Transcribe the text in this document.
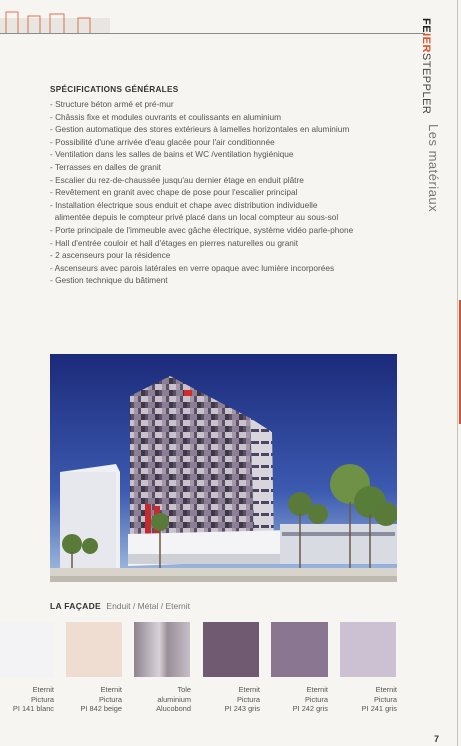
FEIERSTEPPLER
Les matériaux
SPÉCIFICATIONS GÉNÉRALES
- Structure béton armé et pré-mur
- Châssis fixe et modules ouvrants et coulissants en aluminium
- Gestion automatique des stores extérieurs à lamelles horizontales en aluminium
- Possibilité d'une arrivée d'eau glacée pour l'air conditionnée
- Ventilation dans les salles de bains et WC /ventilation hygiénique
- Terrasses en dalles de granit
- Escalier du rez-de-chaussée jusqu'au dernier étage en enduit plâtre
- Revêtement en granit avec chape de pose pour l'escalier principal
- Installation électrique sous enduit et chape avec distribution individuelle
alimentée depuis le compteur privé placé dans un local compteur au sous-sol
- Porte principale de l'immeuble avec gâche électrique, système vidéo parle-phone
- Hall d'entrée couloir et hall d'étages en pierres naturelles ou granit
- 2 ascenseurs pour la résidence
- Ascenseurs avec parois latérales en verre opaque avec lumière incorporées
- Gestion technique du bâtiment
LA FAÇADE Enduit / Métal / Eternit
Eternit
Pictura
PI 141 blanc
Eternit
Pictura
PI 842 beige
Tole
aluminium
Alucobond
Eternit
Pictura
PI 243 gris
Eternit
Pictura
PI 242 gris
Eternit
Pictura
PI 241 gris
7
